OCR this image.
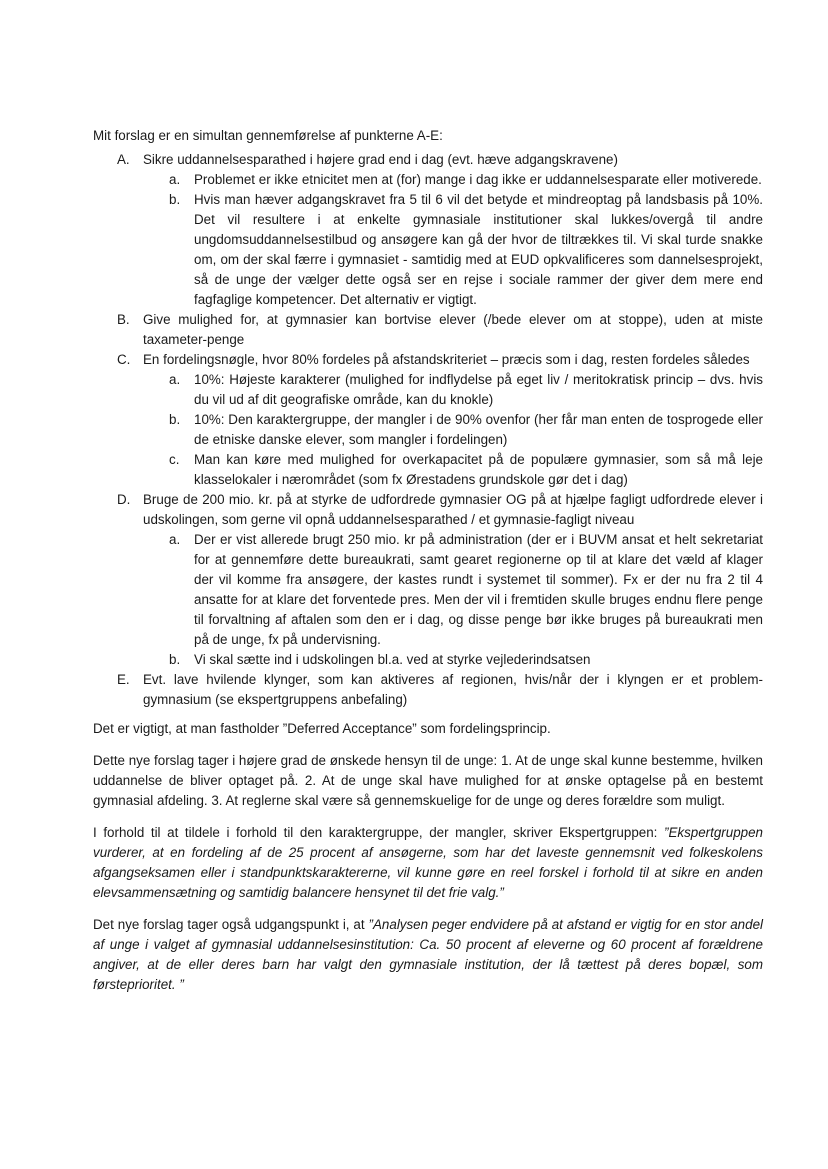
Mit forslag er en simultan gennemførelse af punkterne A-E:

A. Sikre uddannelsesparathed i højere grad end i dag (evt. hæve adgangskravene)
a. Problemet er ikke etnicitet men at (for) mange i dag ikke er uddannelsesparate eller motiverede.
b. Hvis man hæver adgangskravet fra 5 til 6 vil det betyde et mindreoptag på landsbasis på 10%. Det vil resultere i at enkelte gymnasiale institutioner skal lukkes/overgå til andre ungdomsuddannelsestilbud og ansøgere kan gå der hvor de tiltrækkes til. Vi skal turde snakke om, om der skal færre i gymnasiet - samtidig med at EUD opkvalificeres som dannelsesprojekt, så de unge der vælger dette også ser en rejse i sociale rammer der giver dem mere end fagfaglige kompetencer. Det alternativ er vigtigt.
B. Give mulighed for, at gymnasier kan bortvise elever (/bede elever om at stoppe), uden at miste taxameter-penge
C. En fordelingsnøgle, hvor 80% fordeles på afstandskriteriet – præcis som i dag, resten fordeles således
a. 10%: Højeste karakterer (mulighed for indflydelse på eget liv / meritokratisk princip – dvs. hvis du vil ud af dit geografiske område, kan du knokle)
b. 10%: Den karaktergruppe, der mangler i de 90% ovenfor (her får man enten de tosprogede eller de etniske danske elever, som mangler i fordelingen)
c. Man kan køre med mulighed for overkapacitet på de populære gymnasier, som så må leje klasselokaler i nærområdet (som fx Ørestadens grundskole gør det i dag)
D. Bruge de 200 mio. kr. på at styrke de udfordrede gymnasier OG på at hjælpe fagligt udfordrede elever i udskolingen, som gerne vil opnå uddannelsesparathed / et gymnasie-fagligt niveau
a. Der er vist allerede brugt 250 mio. kr på administration (der er i BUVM ansat et helt sekretariat for at gennemføre dette bureaukrati, samt gearet regionerne op til at klare det væld af klager der vil komme fra ansøgere, der kastes rundt i systemet til sommer). Fx er der nu fra 2 til 4 ansatte for at klare det forventede pres. Men der vil i fremtiden skulle bruges endnu flere penge til forvaltning af aftalen som den er i dag, og disse penge bør ikke bruges på bureaukrati men på de unge, fx på undervisning.
b. Vi skal sætte ind i udskolingen bl.a. ved at styrke vejlederindsatsen
E. Evt. lave hvilende klynger, som kan aktiveres af regionen, hvis/når der i klyngen er et problem-gymnasium (se ekspertgruppens anbefaling)

Det er vigtigt, at man fastholder ”Deferred Acceptance” som fordelingsprincip.

Dette nye forslag tager i højere grad de ønskede hensyn til de unge: 1. At de unge skal kunne bestemme, hvilken uddannelse de bliver optaget på. 2. At de unge skal have mulighed for at ønske optagelse på en bestemt gymnasial afdeling. 3. At reglerne skal være så gennemskuelige for de unge og deres forældre som muligt.

I forhold til at tildele i forhold til den karaktergruppe, der mangler, skriver Ekspertgruppen: ”Ekspertgruppen vurderer, at en fordeling af de 25 procent af ansøgerne, som har det laveste gennemsnit ved folkeskolens afgangseksamen eller i standpunktskaraktererne, vil kunne gøre en reel forskel i forhold til at sikre en anden elevsammensætning og samtidig balancere hensynet til det frie valg.”

Det nye forslag tager også udgangspunkt i, at ”Analysen peger endvidere på at afstand er vigtig for en stor andel af unge i valget af gymnasial uddannelsesinstitution: Ca. 50 procent af eleverne og 60 procent af forældrene angiver, at de eller deres barn har valgt den gymnasiale institution, der lå tættest på deres bopæl, som førsteprioritet. ”
